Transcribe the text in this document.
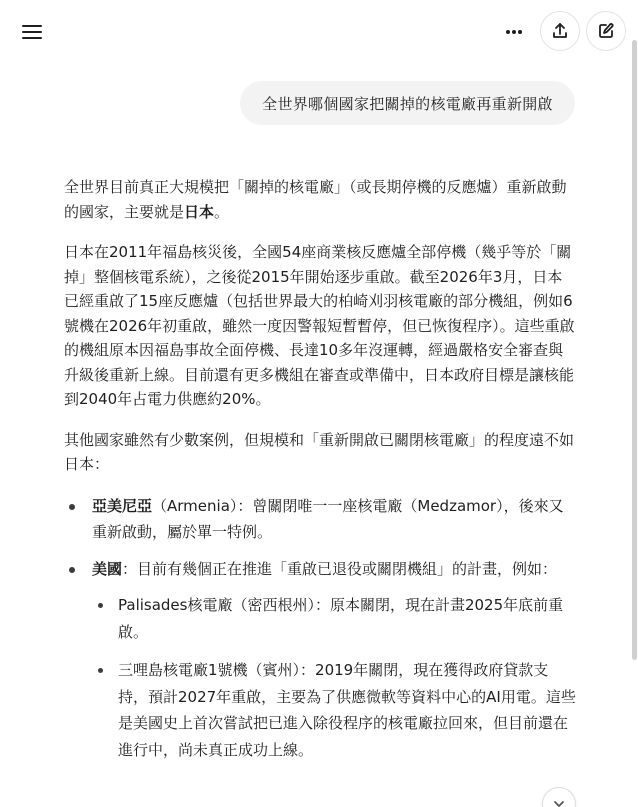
全世界哪個國家把關掉的核電廠再重新開啟

全世界目前真正大規模把「關掉的核電廠」（或長期停機的反應爐）重新啟動的國家，主要就是日本。

日本在2011年福島核災後，全國54座商業核反應爐全部停機（幾乎等於「關掉」整個核電系統），之後從2015年開始逐步重啟。截至2026年3月，日本已經重啟了15座反應爐（包括世界最大的柏崎刈羽核電廠的部分機組，例如6號機在2026年初重啟，雖然一度因警報短暫暫停，但已恢復程序）。這些重啟的機組原本因福島事故全面停機、長達10多年沒運轉，經過嚴格安全審查與升級後重新上線。目前還有更多機組在審查或準備中，日本政府目標是讓核能到2040年占電力供應約20%。

其他國家雖然有少數案例，但規模和「重新開啟已關閉核電廠」的程度遠不如日本：

亞美尼亞（Armenia）：曾關閉唯一一座核電廠（Medzamor），後來又重新啟動，屬於單一特例。
美國：目前有幾個正在推進「重啟已退役或關閉機組」的計畫，例如：
Palisades核電廠（密西根州）：原本關閉，現在計畫2025年底前重啟。
三哩島核電廠1號機（賓州）：2019年關閉，現在獲得政府貸款支持，預計2027年重啟，主要為了供應微軟等資料中心的AI用電。這些是美國史上首次嘗試把已進入除役程序的核電廠拉回來，但目前還在進行中，尚未真正成功上線。
